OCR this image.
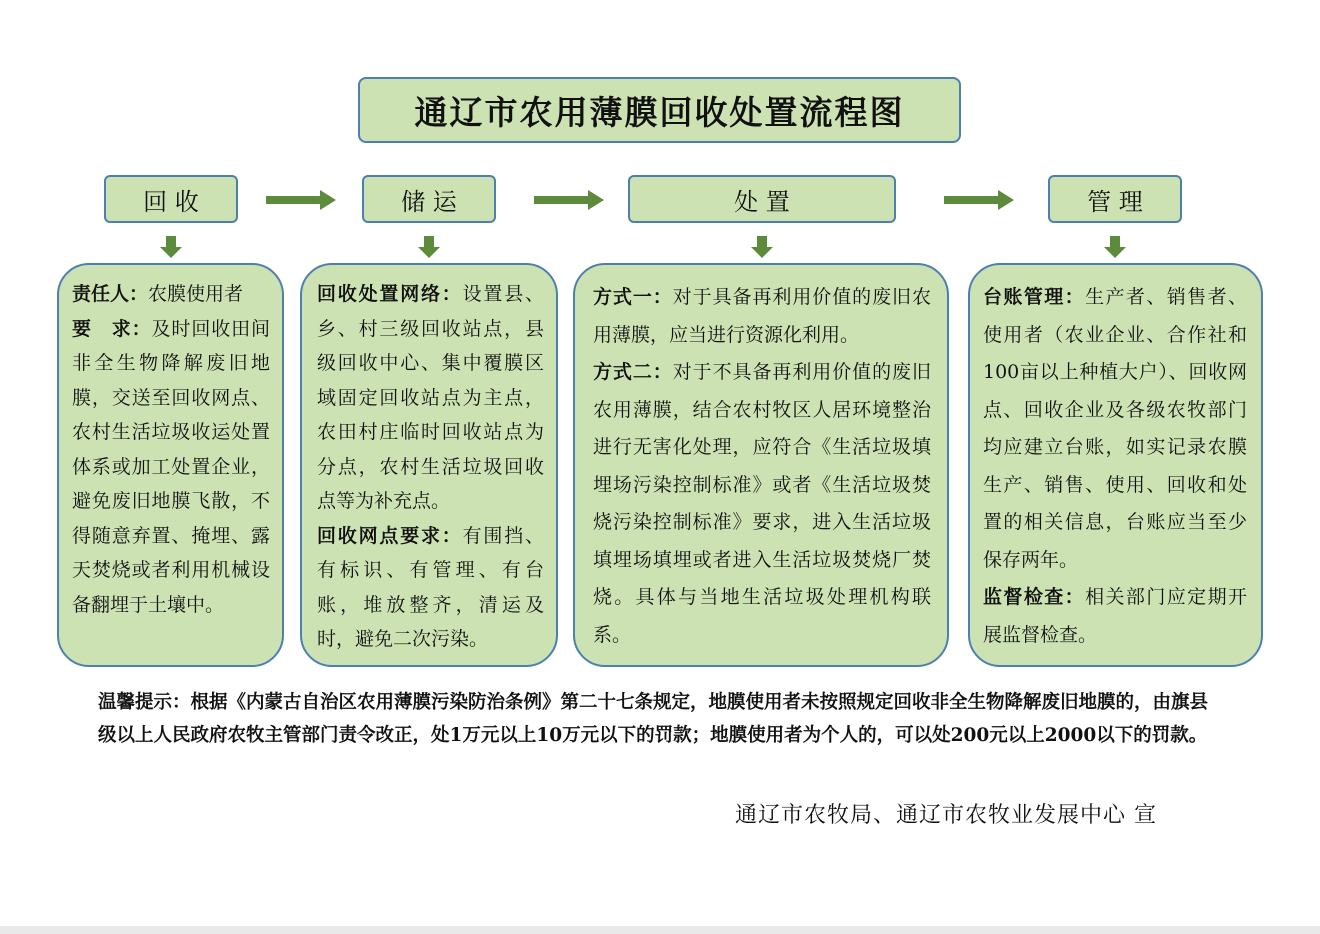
通辽市农用薄膜回收处置流程图
回 收	储 运	处 置	管 理

责任人：农膜使用者

要　求：及时回收田间非全生物降解废旧地膜，交送至回收网点、农村生活垃圾收运处置体系或加工处置企业，避免废旧地膜飞散，不得随意弃置、掩埋、露天焚烧或者利用机械设备翻埋于土壤中。

回收处置网络：设置县、乡、村三级回收站点，县级回收中心、集中覆膜区域固定回收站点为主点，农田村庄临时回收站点为分点，农村生活垃圾回收点等为补充点。

回收网点要求：有围挡、有标识、有管理、有台账，堆放整齐，清运及时，避免二次污染。

方式一：对于具备再利用价值的废旧农用薄膜，应当进行资源化利用。

方式二：对于不具备再利用价值的废旧农用薄膜，结合农村牧区人居环境整治进行无害化处理，应符合《生活垃圾填埋场污染控制标准》或者《生活垃圾焚烧污染控制标准》要求，进入生活垃圾填埋场填埋或者进入生活垃圾焚烧厂焚烧。具体与当地生活垃圾处理机构联系。

台账管理：生产者、销售者、使用者（农业企业、合作社和100亩以上种植大户）、回收网点、回收企业及各级农牧部门均应建立台账，如实记录农膜生产、销售、使用、回收和处置的相关信息，台账应当至少保存两年。

监督检查：相关部门应定期开展监督检查。

温馨提示：根据《内蒙古自治区农用薄膜污染防治条例》第二十七条规定，地膜使用者未按照规定回收非全生物降解废旧地膜的，由旗县级以上人民政府农牧主管部门责令改正，处1万元以上10万元以下的罚款；地膜使用者为个人的，可以处200元以上2000以下的罚款。
通辽市农牧局、通辽市农牧业发展中心 宣
